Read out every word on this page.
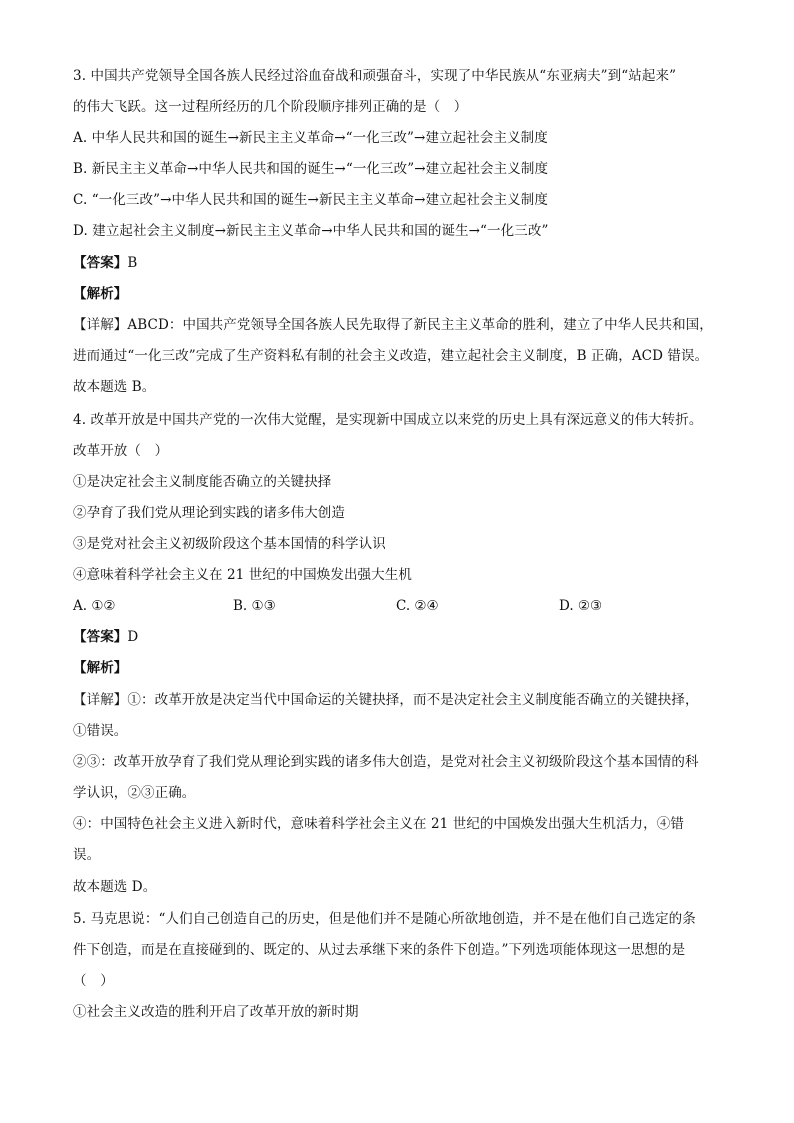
3. 中国共产党领导全国各族人民经过浴血奋战和顽强奋斗，实现了中华民族从“东亚病夫”到“站起来”
的伟大飞跃。这一过程所经历的几个阶段顺序排列正确的是（　）
A. 中华人民共和国的诞生→新民主主义革命→“一化三改”→建立起社会主义制度
B. 新民主主义革命→中华人民共和国的诞生→“一化三改”→建立起社会主义制度
C. “一化三改”→中华人民共和国的诞生→新民主主义革命→建立起社会主义制度
D. 建立起社会主义制度→新民主主义革命→中华人民共和国的诞生→“一化三改”
【答案】B
【解析】
【详解】ABCD：中国共产党领导全国各族人民先取得了新民主主义革命的胜利，建立了中华人民共和国，
进而通过“一化三改”完成了生产资料私有制的社会主义改造，建立起社会主义制度，B 正确，ACD 错误。
故本题选 B。
4. 改革开放是中国共产党的一次伟大觉醒，是实现新中国成立以来党的历史上具有深远意义的伟大转折。
改革开放（　）
①是决定社会主义制度能否确立的关键抉择
②孕育了我们党从理论到实践的诸多伟大创造
③是党对社会主义初级阶段这个基本国情的科学认识
④意味着科学社会主义在 21 世纪的中国焕发出强大生机
A. ①②	B. ①③	C. ②④	D. ②③
【答案】D
【解析】
【详解】①：改革开放是决定当代中国命运的关键抉择，而不是决定社会主义制度能否确立的关键抉择，
①错误。
②③：改革开放孕育了我们党从理论到实践的诸多伟大创造，是党对社会主义初级阶段这个基本国情的科
学认识，②③正确。
④：中国特色社会主义进入新时代，意味着科学社会主义在 21 世纪的中国焕发出强大生机活力，④错
误。
故本题选 D。
5. 马克思说：“人们自己创造自己的历史，但是他们并不是随心所欲地创造，并不是在他们自己选定的条
件下创造，而是在直接碰到的、既定的、从过去承继下来的条件下创造。”下列选项能体现这一思想的是
（　）
①社会主义改造的胜利开启了改革开放的新时期
